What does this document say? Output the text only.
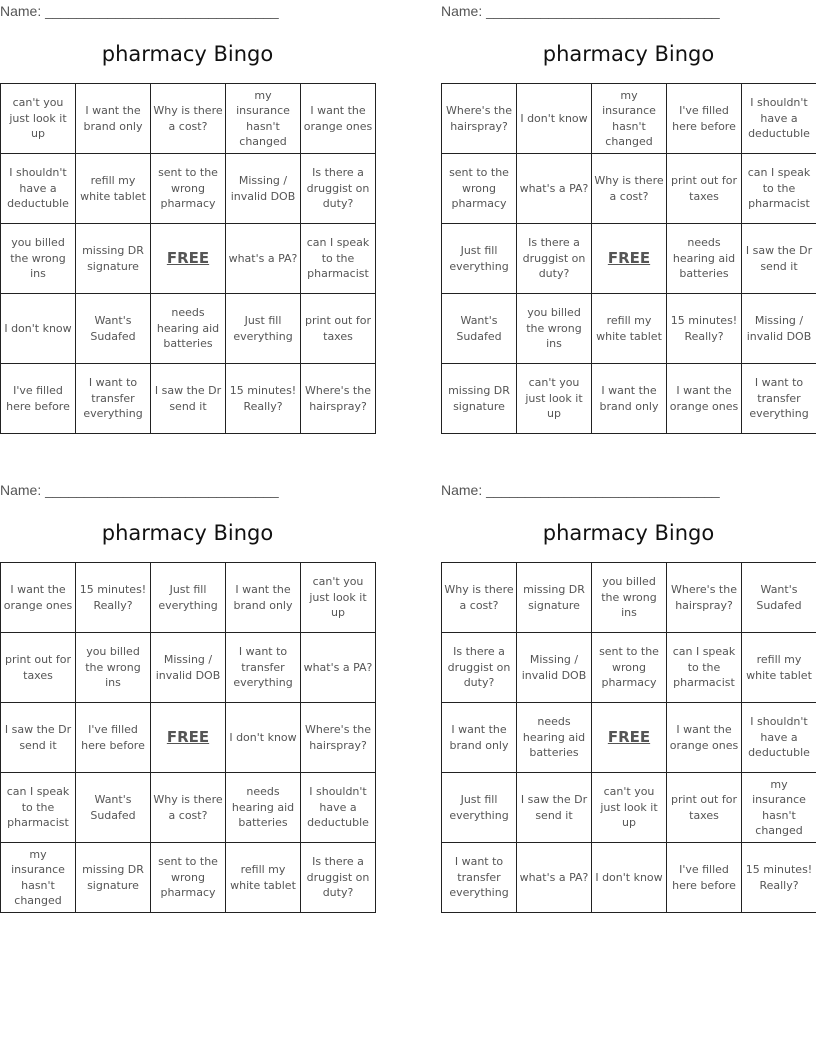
Name: ______________________________
pharmacy Bingo
can't you just look it up	I want the brand only	Why is there a cost?	my insurance hasn't changed	I want the orange ones
I shouldn't have a deductuble	refill my white tablet	sent to the wrong pharmacy	Missing / invalid DOB	Is there a druggist on duty?
you billed the wrong ins	missing DR signature	FREE	what's a PA?	can I speak to the pharmacist
I don't know	Want's Sudafed	needs hearing aid batteries	Just fill everything	print out for taxes
I've filled here before	I want to transfer everything	I saw the Dr send it	15 minutes! Really?	Where's the hairspray?
Name: ______________________________
pharmacy Bingo
Where's the hairspray?	I don't know	my insurance hasn't changed	I've filled here before	I shouldn't have a deductuble
sent to the wrong pharmacy	what's a PA?	Why is there a cost?	print out for taxes	can I speak to the pharmacist
Just fill everything	Is there a druggist on duty?	FREE	needs hearing aid batteries	I saw the Dr send it
Want's Sudafed	you billed the wrong ins	refill my white tablet	15 minutes! Really?	Missing / invalid DOB
missing DR signature	can't you just look it up	I want the brand only	I want the orange ones	I want to transfer everything
Name: ______________________________
pharmacy Bingo
I want the orange ones	15 minutes! Really?	Just fill everything	I want the brand only	can't you just look it up
print out for taxes	you billed the wrong ins	Missing / invalid DOB	I want to transfer everything	what's a PA?
I saw the Dr send it	I've filled here before	FREE	I don't know	Where's the hairspray?
can I speak to the pharmacist	Want's Sudafed	Why is there a cost?	needs hearing aid batteries	I shouldn't have a deductuble
my insurance hasn't changed	missing DR signature	sent to the wrong pharmacy	refill my white tablet	Is there a druggist on duty?
Name: ______________________________
pharmacy Bingo
Why is there a cost?	missing DR signature	you billed the wrong ins	Where's the hairspray?	Want's Sudafed
Is there a druggist on duty?	Missing / invalid DOB	sent to the wrong pharmacy	can I speak to the pharmacist	refill my white tablet
I want the brand only	needs hearing aid batteries	FREE	I want the orange ones	I shouldn't have a deductuble
Just fill everything	I saw the Dr send it	can't you just look it up	print out for taxes	my insurance hasn't changed
I want to transfer everything	what's a PA?	I don't know	I've filled here before	15 minutes! Really?
